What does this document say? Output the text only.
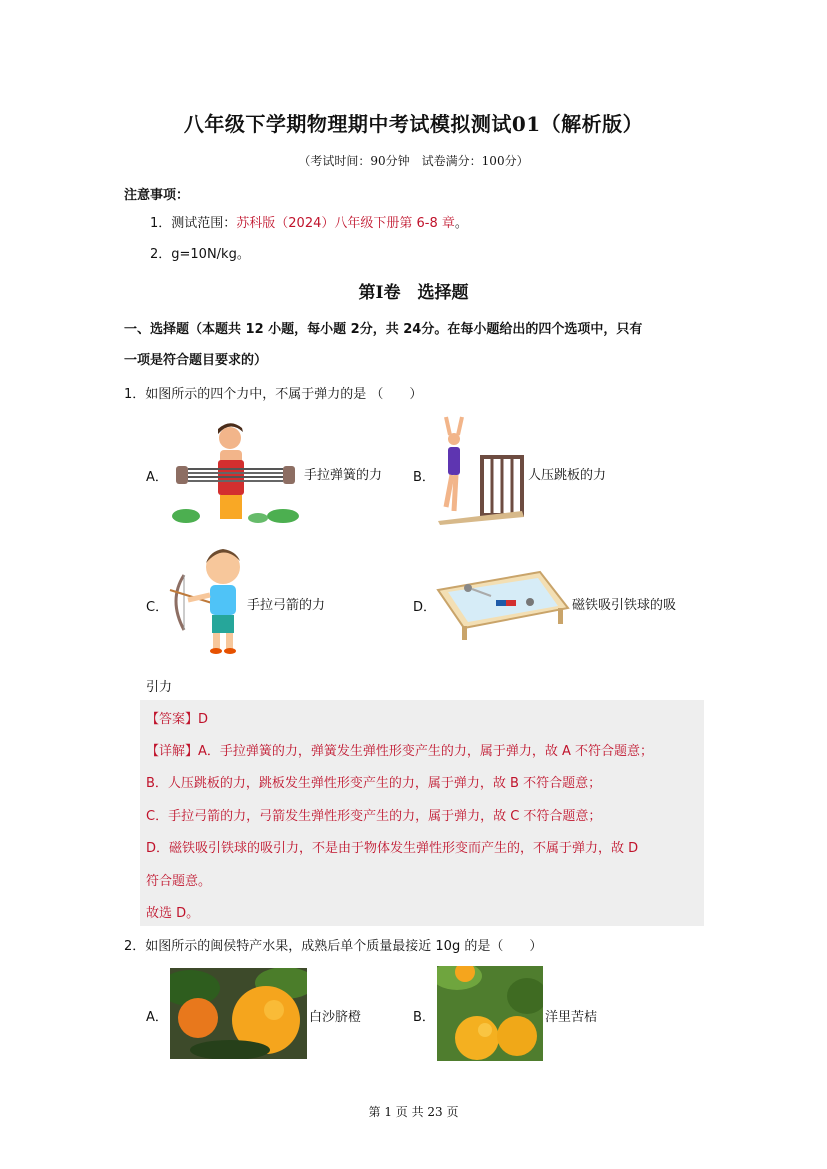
八年级下学期物理期中考试模拟测试01（解析版）
（考试时间：90分钟　试卷满分：100分）
注意事项：
1．测试范围：苏科版（2024）八年级下册第 6-8 章。
2．g=10N/kg。
第Ⅰ卷　选择题
一、选择题（本题共 12 小题，每小题 2分，共 24分。在每小题给出的四个选项中，只有
一项是符合题目要求的）
1．如图所示的四个力中，不属于弹力的是 （　　）
A．	手拉弹簧的力 B．	人压跳板的力
C．	手拉弓箭的力	D．	磁铁吸引铁球的吸
引力
【答案】D
【详解】A．手拉弹簧的力，弹簧发生弹性形变产生的力，属于弹力，故 A 不符合题意；
B．人压跳板的力，跳板发生弹性形变产生的力，属于弹力，故 B 不符合题意；
C．手拉弓箭的力，弓箭发生弹性形变产生的力，属于弹力，故 C 不符合题意；
D．磁铁吸引铁球的吸引力，不是由于物体发生弹性形变而产生的，不属于弹力，故 D
符合题意。
故选 D。
2．如图所示的闽侯特产水果，成熟后单个质量最接近 10g 的是（　　）
A．	白沙脐橙	B．	洋里苦桔
第 1 页 共 23 页
